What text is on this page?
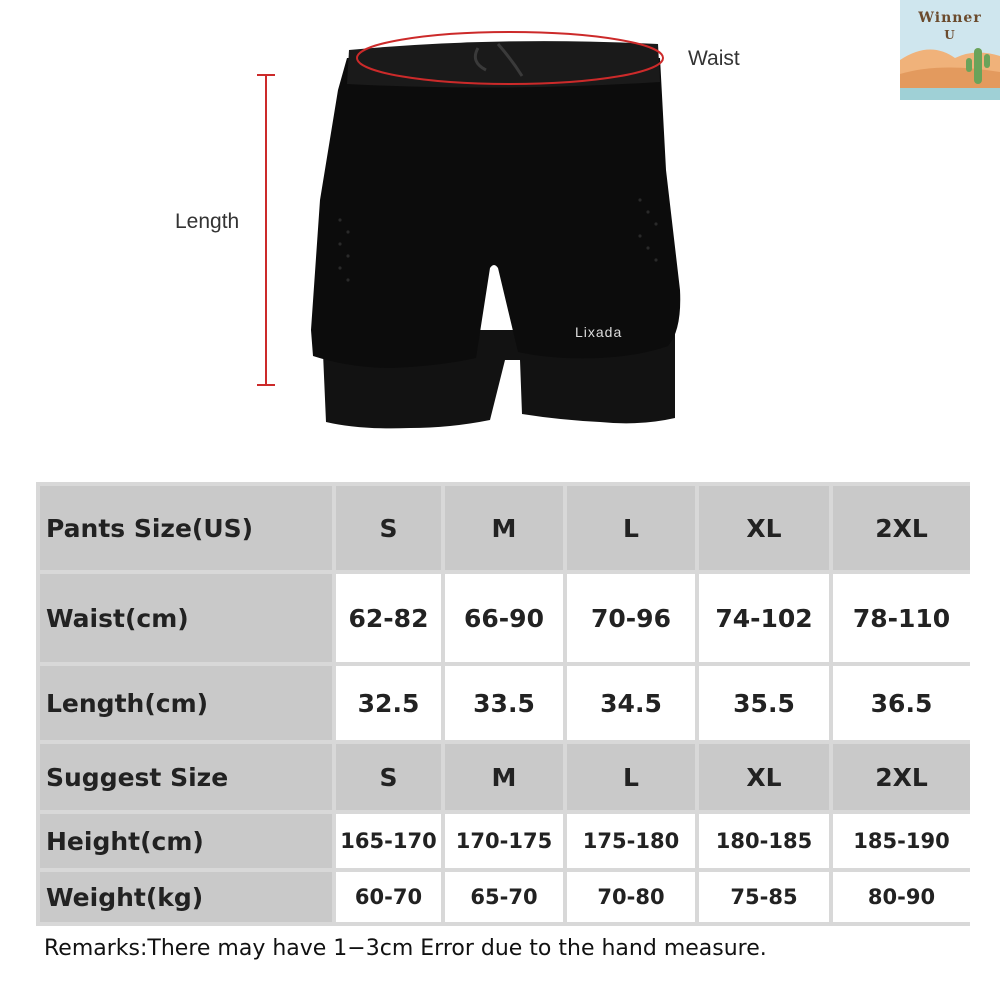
Waist
Length
Lixada
Winner
U
Pants Size(US)	S	M	L	XL	2XL
Waist(cm)	62-82	66-90	70-96	74-102	78-110
Length(cm)	32.5	33.5	34.5	35.5	36.5
Suggest Size	S	M	L	XL	2XL
Height(cm)	165-170	170-175	175-180	180-185	185-190
Weight(kg)	60-70	65-70	70-80	75-85	80-90
Remarks:There may have 1−3cm Error due to the hand measure.
